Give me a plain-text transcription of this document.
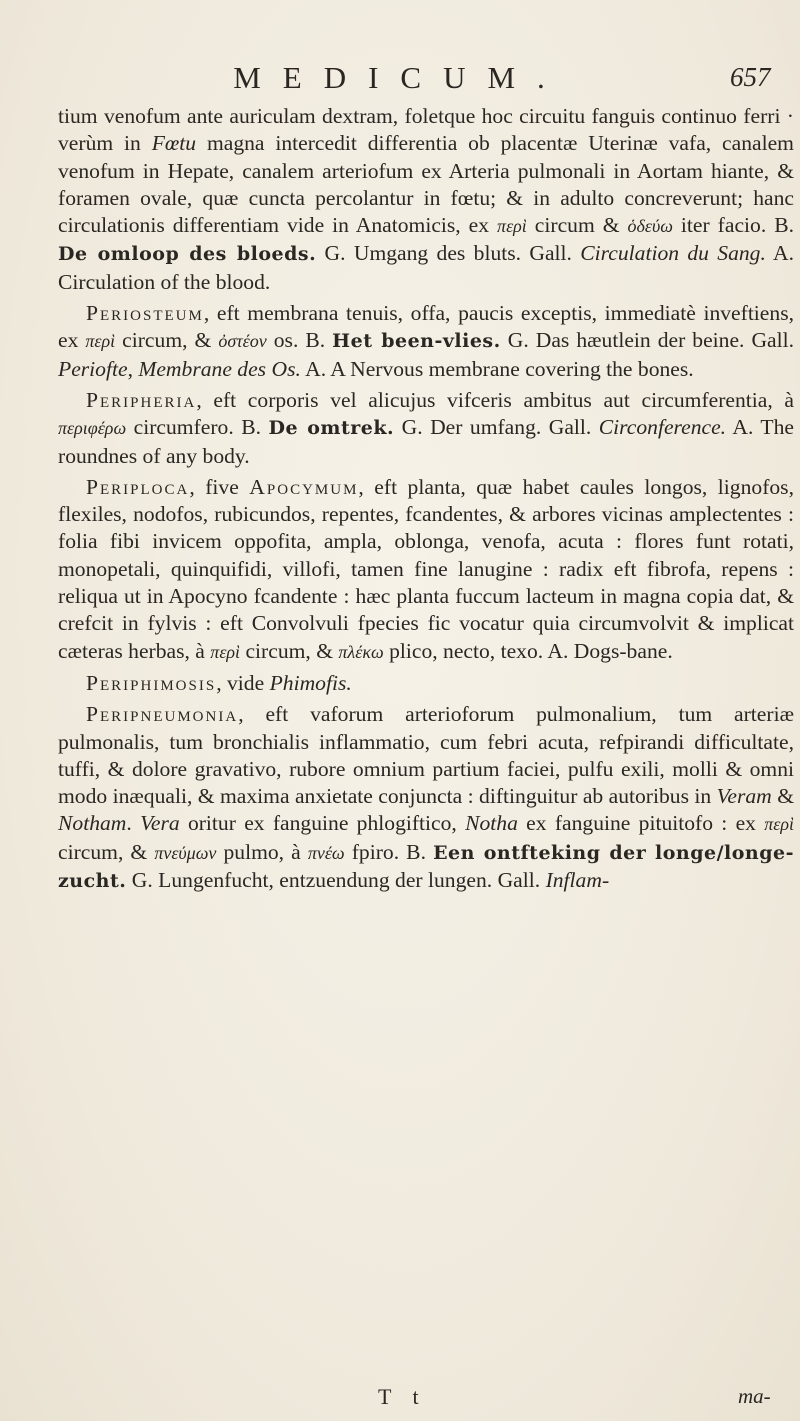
MEDICUM.	657

tium venofum ante auriculam dextram, foletque hoc circuitu fanguis continuo ferri · verùm in Fœtu magna intercedit differentia ob placentæ Uterinæ vafa, canalem venofum in Hepate, canalem arteriofum ex Arteria pulmonali in Aortam hiante, & foramen ovale, quæ cuncta percolantur in fœtu; & in adulto concreverunt; hanc circulationis differentiam vide in Anatomicis, ex περὶ circum & ὁδεύω iter facio. B. De omloop des bloeds. G. Umgang des bluts. Gall. Circulation du Sang. A. Circulation of the blood.

Periosteum, eft membrana tenuis, offa, paucis exceptis, immediatè inveftiens, ex περὶ circum, & ὀστέον os. B. Het been-vlies. G. Das hæutlein der beine. Gall. Periofte, Membrane des Os. A. A Nervous membrane covering the bones.

Peripheria, eft corporis vel alicujus vifceris ambitus aut circumferentia, à περιφέρω circumfero. B. De omtrek. G. Der umfang. Gall. Circonference. A. The roundnes of any body.

Periploca, five Apocymum, eft planta, quæ habet caules longos, lignofos, flexiles, nodofos, rubicundos, repentes, fcandentes, & arbores vicinas amplectentes : folia fibi invicem oppofita, ampla, oblonga, venofa, acuta : flores funt rotati, monopetali, quinquifidi, villofi, tamen fine lanugine : radix eft fibrofa, repens : reliqua ut in Apocyno fcandente : hæc planta fuccum lacteum in magna copia dat, & crefcit in fylvis : eft Convolvuli fpecies fic vocatur quia circumvolvit & implicat cæteras herbas, à περὶ circum, & πλέκω plico, necto, texo. A. Dogs-bane.

Periphimosis, vide Phimofis.

Peripneumonia, eft vaforum arterioforum pulmonalium, tum arteriæ pulmonalis, tum bronchialis inflammatio, cum febri acuta, refpirandi difficultate, tuffi, & dolore gravativo, rubore omnium partium faciei, pulfu exili, molli & omni modo inæquali, & maxima anxietate conjuncta : diftinguitur ab autoribus in Veram & Notham. Vera oritur ex fanguine phlogiftico, Notha ex fanguine pituitofo : ex περὶ circum, & πνεύμων pulmo, à πνέω fpiro. B. Een ontfteking der longe/longe-zucht. G. Lungenfucht, entzuendung der lungen. Gall. Inflam-

T t	ma-
